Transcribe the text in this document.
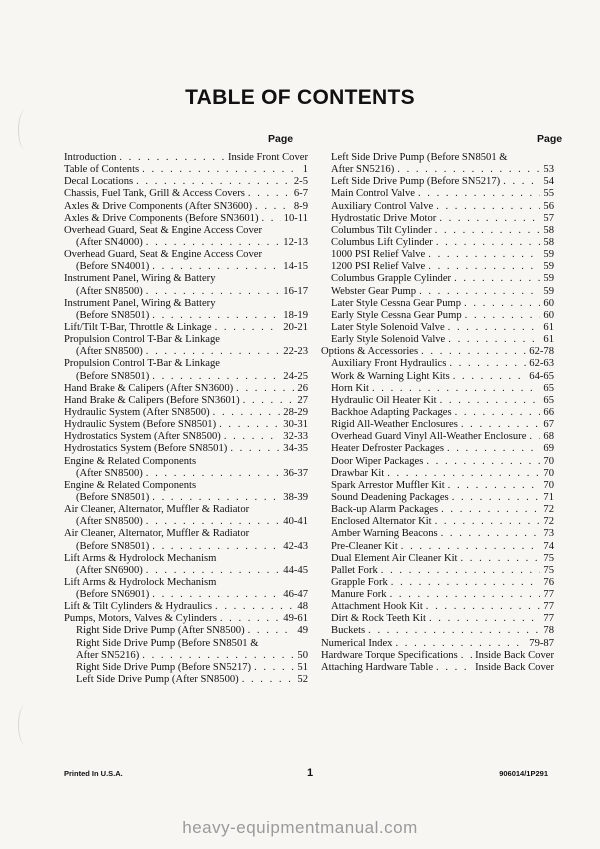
TABLE OF CONTENTS
Page	Page
Introduction . . .	Inside Front Cover
Table of Contents . . .	1
Decal Locations . . .	2-5
Chassis, Fuel Tank, Grill & Access Covers . . .	6-7
Axles & Drive Components (After SN3600) . . .	8-9
Axles & Drive Components (Before SN3601) . . . 10-11
Overhead Guard, Seat & Engine Access Cover
(After SN4000) . . .	12-13
Overhead Guard, Seat & Engine Access Cover
(Before SN4001) . . .	14-15
Instrument Panel, Wiring & Battery
(After SN8500) . . .	16-17
Instrument Panel, Wiring & Battery
(Before SN8501) . . .	18-19
Lift/Tilt T-Bar, Throttle & Linkage . . .	20-21
Propulsion Control T-Bar & Linkage
(After SN8500) . . .	22-23
Propulsion Control T-Bar & Linkage
(Before SN8501) . . .	24-25
Hand Brake & Calipers (After SN3600) . . .	26
Hand Brake & Calipers (Before SN3601) . . .	27
Hydraulic System (After SN8500) . . .	28-29
Hydraulic System (Before SN8501) . . .	30-31
Hydrostatics System (After SN8500) . . .	32-33
Hydrostatics System (Before SN8501) . . .	34-35
Engine & Related Components
(After SN8500) . . .	36-37
Engine & Related Components
(Before SN8501) . . .	38-39
Air Cleaner, Alternator, Muffler & Radiator
(After SN8500) . . .	40-41
Air Cleaner, Alternator, Muffler & Radiator
(Before SN8501) . . .	42-43
Lift Arms & Hydrolock Mechanism
(After SN6900) . . .	44-45
Lift Arms & Hydrolock Mechanism
(Before SN6901) . . .	46-47
Lift & Tilt Cylinders & Hydraulics . . .	48
Pumps, Motors, Valves & Cylinders . . .	49-61
Right Side Drive Pump (After SN8500) . . .	49
Right Side Drive Pump (Before SN8501 &
After SN5216) . . .	50
Right Side Drive Pump (Before SN5217) . . .	51
Left Side Drive Pump (After SN8500) . . .	52
Left Side Drive Pump (Before SN8501 &
After SN5216) . . .	53
Left Side Drive Pump (Before SN5217) . . .	54
Main Control Valve . . .	55
Auxiliary Control Valve . . .	56
Hydrostatic Drive Motor . . .	57
Columbus Tilt Cylinder . . .	58
Columbus Lift Cylinder . . .	58
1000 PSI Relief Valve . . .	59
1200 PSI Relief Valve . . .	59
Columbus Grapple Cylinder . . .	59
Webster Gear Pump . . .	59
Later Style Cessna Gear Pump . . .	60
Early Style Cessna Gear Pump . . .	60
Later Style Solenoid Valve . . .	61
Early Style Solenoid Valve . . .	61
Options & Accessories . . .	62-78
Auxiliary Front Hydraulics . . .	62-63
Work & Warning Light Kits . . .	64-65
Horn Kit . . .	65
Hydraulic Oil Heater Kit . . .	65
Backhoe Adapting Packages . . .	66
Rigid All-Weather Enclosures . . .	67
Overhead Guard Vinyl All-Weather Enclosure . . . 68
Heater Defroster Packages . . .	69
Door Wiper Packages . . .	70
Drawbar Kit . . .	70
Spark Arrestor Muffler Kit . . .	70
Sound Deadening Packages . . .	71
Back-up Alarm Packages . . .	72
Enclosed Alternator Kit . . .	72
Amber Warning Beacons . . .	73
Pre-Cleaner Kit . . .	74
Dual Element Air Cleaner Kit . . .	75
Pallet Fork . . .	75
Grapple Fork . . .	76
Manure Fork . . .	77
Attachment Hook Kit . . .	77
Dirt & Rock Teeth Kit . . .	77
Buckets . . .	78
Numerical Index . . .	79-87
Hardware Torque Specifications . . . Inside Back Cover
Attaching Hardware Table . . .	Inside Back Cover
Printed In U.S.A.	1	906014/1P291
heavy-equipmentmanual.com
